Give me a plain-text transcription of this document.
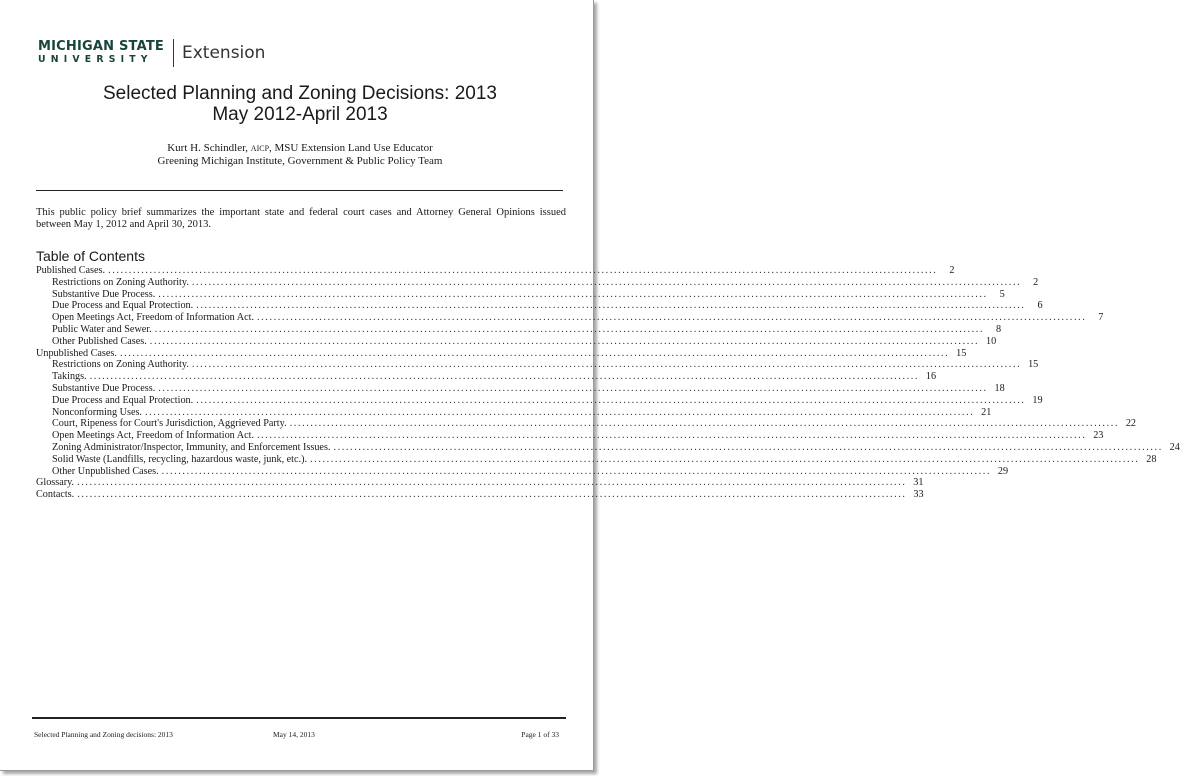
MICHIGAN STATE
UNIVERSITY	Extension
Selected Planning and Zoning Decisions: 2013
May 2012-April 2013
Kurt H. Schindler, AICP, MSU Extension Land Use Educator
Greening Michigan Institute, Government & Public Policy Team
This public policy brief summarizes the important state and federal court cases and Attorney General Opinions issued between May 1, 2012 and April 30, 2013.
Table of Contents
Published Cases. ........................................................................................................................................................................................................	2
Restrictions on Zoning Authority. ........................................................................................................................................................................................................	2
Substantive Due Process. ........................................................................................................................................................................................................	5
Due Process and Equal Protection. ........................................................................................................................................................................................................	6
Open Meetings Act, Freedom of Information Act. ........................................................................................................................................................................................................	7
Public Water and Sewer. ........................................................................................................................................................................................................	8
Other Published Cases. ........................................................................................................................................................................................................ 10
Unpublished Cases. ........................................................................................................................................................................................................ 15
Restrictions on Zoning Authority. ........................................................................................................................................................................................................ 15
Takings. ........................................................................................................................................................................................................ 16
Substantive Due Process. ........................................................................................................................................................................................................ 18
Due Process and Equal Protection. ........................................................................................................................................................................................................ 19
Nonconforming Uses. ........................................................................................................................................................................................................ 21
Court, Ripeness for Court's Jurisdiction, Aggrieved Party. ........................................................................................................................................................................................................ 22
Open Meetings Act, Freedom of Information Act. ........................................................................................................................................................................................................ 23
Zoning Administrator/Inspector, Immunity, and Enforcement Issues. ........................................................................................................................................................................................................ 24
Solid Waste (Landfills, recycling, hazardous waste, junk, etc.). ........................................................................................................................................................................................................ 28
Other Unpublished Cases. ........................................................................................................................................................................................................ 29
Glossary. ........................................................................................................................................................................................................ 31
Contacts. ........................................................................................................................................................................................................ 33
Selected Planning and Zoning decisions: 2013	May 14, 2013	Page 1 of 33
